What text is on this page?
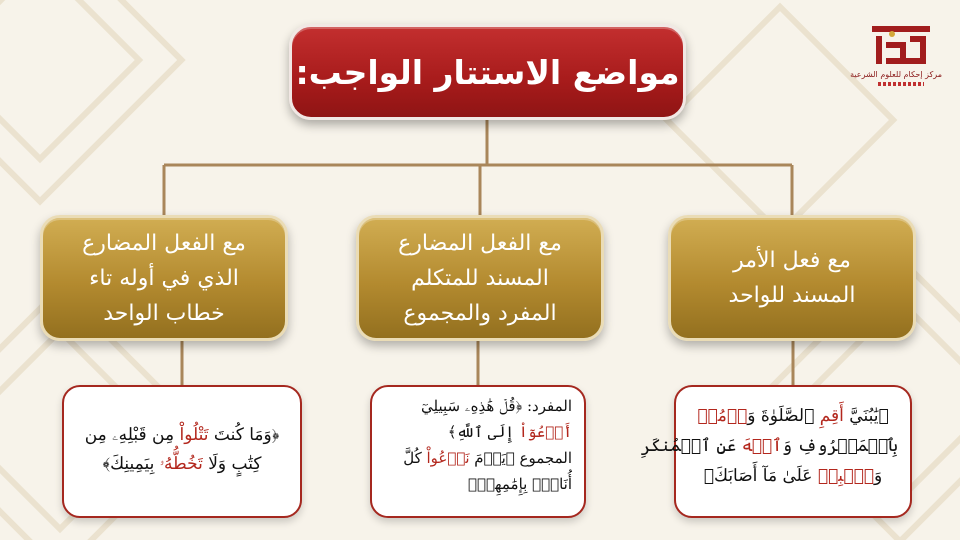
مركز إحكام للعلوم الشرعية
مواضع الاستتار الواجب:
مع الفعل المضارع
الذي في أوله تاء
خطاب الواحد
مع الفعل المضارع
المسند للمتكلم
المفرد والمجموع
مع فعل الأمر
المسند للواحد
﴿وَمَا كُنتَ تَتْلُواْ مِن قَبْلِهِۦ مِن
كِتَٰبٍ وَلَا تَخُطُّهُۥ بِيَمِينِكَ﴾
المفرد: ﴿قُلۡ هَٰذِهِۦ سَبِيلِيٓ
أَدۡعُوٓاْ إِلَى ٱللَّهِ﴾
المجموع ﴿يَوۡمَ نَدۡعُواْ كُلَّ
أُنَاسِۭ بِإِمَٰمِهِمۡ﴾
﴿يَٰبُنَيَّ أَقِمِ ٱلصَّلَوٰةَ وَأۡمُرۡ
بِٱلۡمَعۡرُوفِ وَٱنۡهَ عَنِ ٱلۡمُنكَرِ
وَٱصۡبِرۡ عَلَىٰ مَآ أَصَابَكَ﴾
